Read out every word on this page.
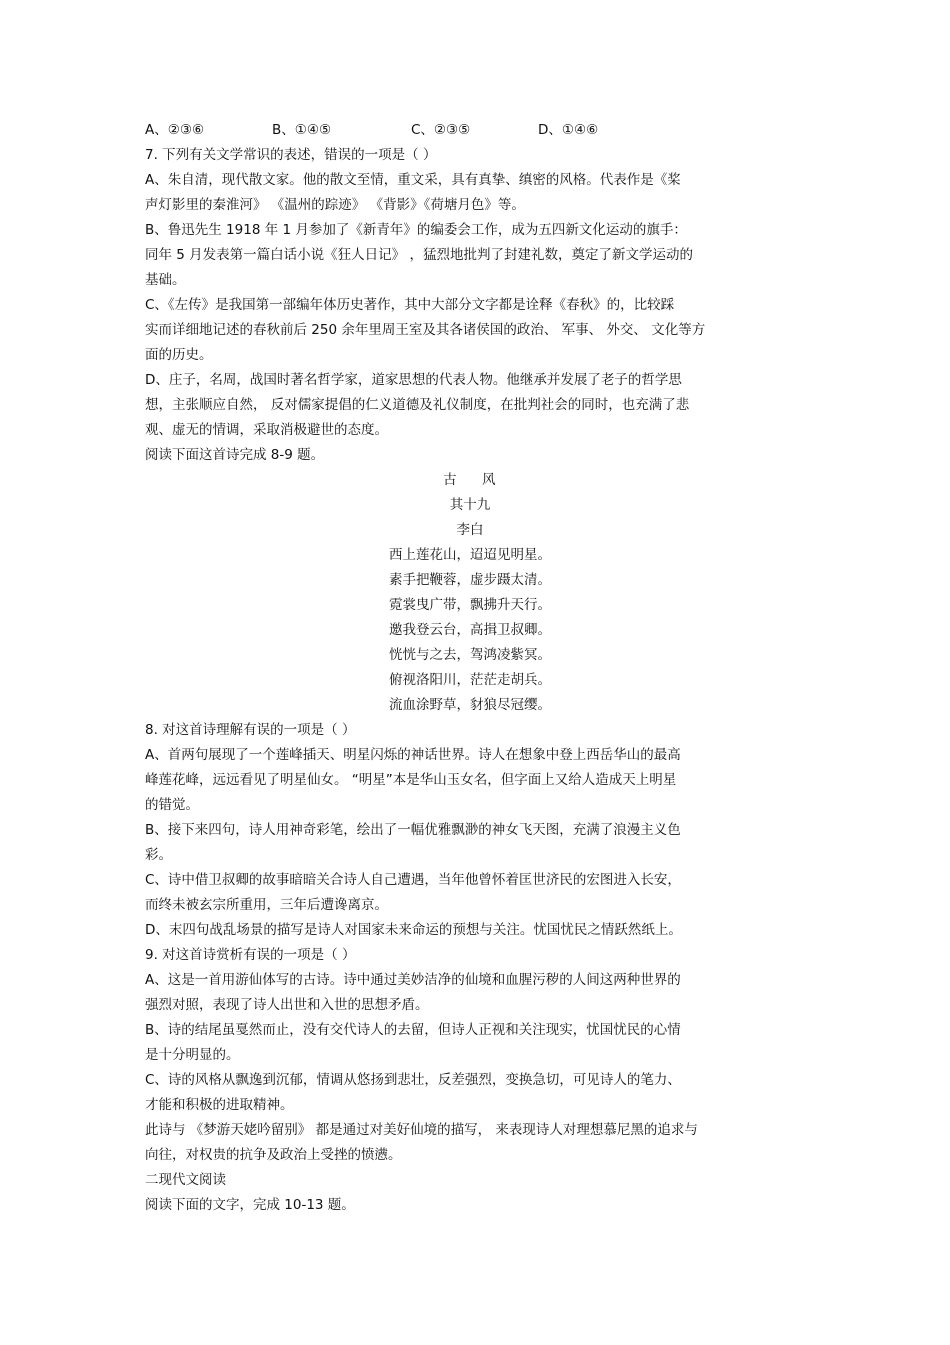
A、②③⑥	B、①④⑤	C、②③⑤	D、①④⑥
7. 下列有关文学常识的表述，错误的一项是（ ）
A、朱自清，现代散文家。他的散文至情，重文采，具有真挚、缜密的风格。代表作是《桨
声灯影里的秦淮河》 《温州的踪迹》 《背影》《荷塘月色》等。
B、鲁迅先生 1918 年 1 月参加了《新青年》的编委会工作，成为五四新文化运动的旗手：
同年 5 月发表第一篇白话小说《狂人日记》 ，猛烈地批判了封建礼数，奠定了新文学运动的
基础。
C、《左传》是我国第一部编年体历史著作，其中大部分文字都是诠释《春秋》的，比较踩
实而详细地记述的春秋前后 250 余年里周王室及其各诸侯国的政治、 军事、 外交、 文化等方
面的历史。
D、庄子，名周，战国时著名哲学家，道家思想的代表人物。他继承并发展了老子的哲学思
想，主张顺应自然， 反对儒家提倡的仁义道德及礼仪制度，在批判社会的同时，也充满了悲
观、虚无的情调，采取消极避世的态度。
阅读下面这首诗完成 8-9 题。
古 风
其十九
李白
西上莲花山，迢迢见明星。
素手把鞭蓉，虚步蹑太清。
霓裳曳广带，飘拂升天行。
邀我登云台，高揖卫叔卿。
恍恍与之去，驾鸿凌紫冥。
俯视洛阳川，茫茫走胡兵。
流血涂野草，豺狼尽冠缨。
8. 对这首诗理解有误的一项是（ ）
A、首两句展现了一个莲峰插天、明星闪烁的神话世界。诗人在想象中登上西岳华山的最高
峰莲花峰，远远看见了明星仙女。 “明星”本是华山玉女名，但字面上又给人造成天上明星
的错觉。
B、接下来四句，诗人用神奇彩笔，绘出了一幅优雅飘渺的神女飞天图，充满了浪漫主义色
彩。
C、诗中借卫叔卿的故事暗暗关合诗人自己遭遇，当年他曾怀着匡世济民的宏图进入长安，
而终未被玄宗所重用，三年后遭谗离京。
D、末四句战乱场景的描写是诗人对国家未来命运的预想与关注。忧国忧民之情跃然纸上。
9. 对这首诗赏析有误的一项是（ ）
A、这是一首用游仙体写的古诗。诗中通过美妙洁净的仙境和血腥污秽的人间这两种世界的
强烈对照，表现了诗人出世和入世的思想矛盾。
B、诗的结尾虽戛然而止，没有交代诗人的去留，但诗人正视和关注现实，忧国忧民的心情
是十分明显的。
C、诗的风格从飘逸到沉郁，情调从悠扬到悲壮，反差强烈，变换急切，可见诗人的笔力、
才能和积极的进取精神。
此诗与 《梦游天姥吟留别》 都是通过对美好仙境的描写， 来表现诗人对理想慕尼黑的追求与
向往，对权贵的抗争及政治上受挫的愤懑。
二现代文阅读
阅读下面的文字，完成 10-13 题。
